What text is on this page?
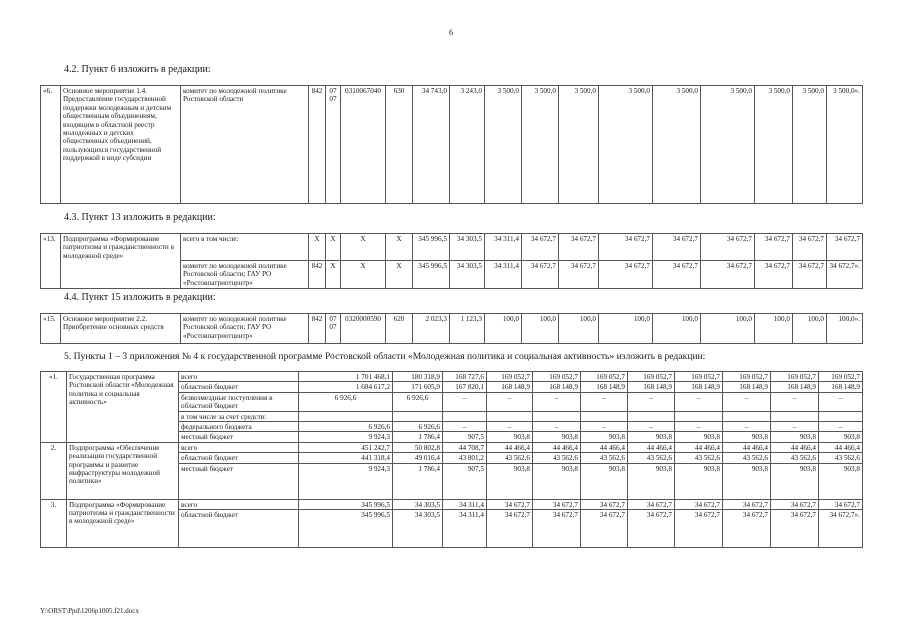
6
4.2. Пункт 6 изложить в редакции:
«6.	Основное мероприятие 1.4. Предоставление государственной поддержки молодежным и детским общественным объединениям, входящим в областной реестр молодежных и детских общественных объединений, пользующихся государственной поддержкой в виде субсидии	комитет по молодежной политике Ростовской области	842	0707	0310067040	630	34 743,0	3 243,0	3 500,0	3 500,0	3 500,0	3 500,0	3 500,0	3 500,0	3 500,0	3 500,0	3 500,0».
4.3. Пункт 13 изложить в редакции:
«13.	Подпрограмма «Формирование патриотизма и гражданственности в молодежной среде»	всего в том числе:	X	X	X	X	345 996,5	34 303,5	34 311,4	34 672,7	34 672,7	34 672,7	34 672,7	34 672,7	34 672,7	34 672,7	34 672,7
		комитет по молодежной политике Ростовской области; ГАУ РО «Ростовпатриотцентр»	842	X	X	X	345 996,5	34 303,5	34 311,4	34 672,7	34 672,7	34 672,7	34 672,7	34 672,7	34 672,7	34 672,7	34 672,7».
4.4. Пункт 15 изложить в редакции:
«15.	Основное мероприятие 2.2. Приобретение основных средств	комитет по молодежной политике Ростовской области; ГАУ РО «Ростовпатриотцентр»	842	0707	0320000590	620	2 023,3	1 123,3	100,0	100,0	100,0	100,0	100,0	100,0	100,0	100,0	100,0».
5. Пункты 1 – 3 приложения № 4 к государственной программе Ростовской области «Молодежная политика и социальная активность» изложить в редакции:
«1.	Государственная программа Ростовской области «Молодежная политика и социальная активность»	всего	1 701 468,1	180 318,9	168 727,6	169 052,7	169 052,7	169 052,7	169 052,7	169 052,7	169 052,7	169 052,7	169 052,7
		областной бюджет	1 684 617,2	171 605,9	167 820,1	168 148,9	168 148,9	168 148,9	168 148,9	168 148,9	168 148,9	168 148,9	168 148,9
		безвозмездные поступления в областной бюджет	6 926,6	6 926,6	–	–	–	–	–	–	–	–	–
		в том числе за счет средств:											
		федерального бюджета	6 926,6	6 926,6	–	–	–	–	–	–	–	–	–
		местный бюджет	9 924,3	1 786,4	907,5	903,8	903,8	903,8	903,8	903,8	903,8	903,8	903,8
2.	Подпрограмма «Обеспечение реализации государственной программы и развитие инфраструктуры молодежной политики»	всего	451 242,7	50 802,8	44 708,7	44 466,4	44 466,4	44 466,4	44 466,4	44 466,4	44 466,4	44 466,4	44 466,4
		областной бюджет	441 318,4	49 016,4	43 801,2	43 562,6	43 562,6	43 562,6	43 562,6	43 562,6	43 562,6	43 562,6	43 562,6
		местный бюджет	9 924,3	1 786,4	907,5	903,8	903,8	903,8	903,8	903,8	903,8	903,8	903,8
3.	Подпрограмма «Формирование патриотизма и гражданственности в молодежной среде»	всего	345 996,5	34 303,5	34 311,4	34 672,7	34 672,7	34 672,7	34 672,7	34 672,7	34 672,7	34 672,7	34 672,7
		областной бюджет	345 996,5	34 303,5	34 311,4	34 672,7	34 672,7	34 672,7	34 672,7	34 672,7	34 672,7	34 672,7	34 672,7».
Y:\ORST\Ppd\1206p1005.f21.docx
